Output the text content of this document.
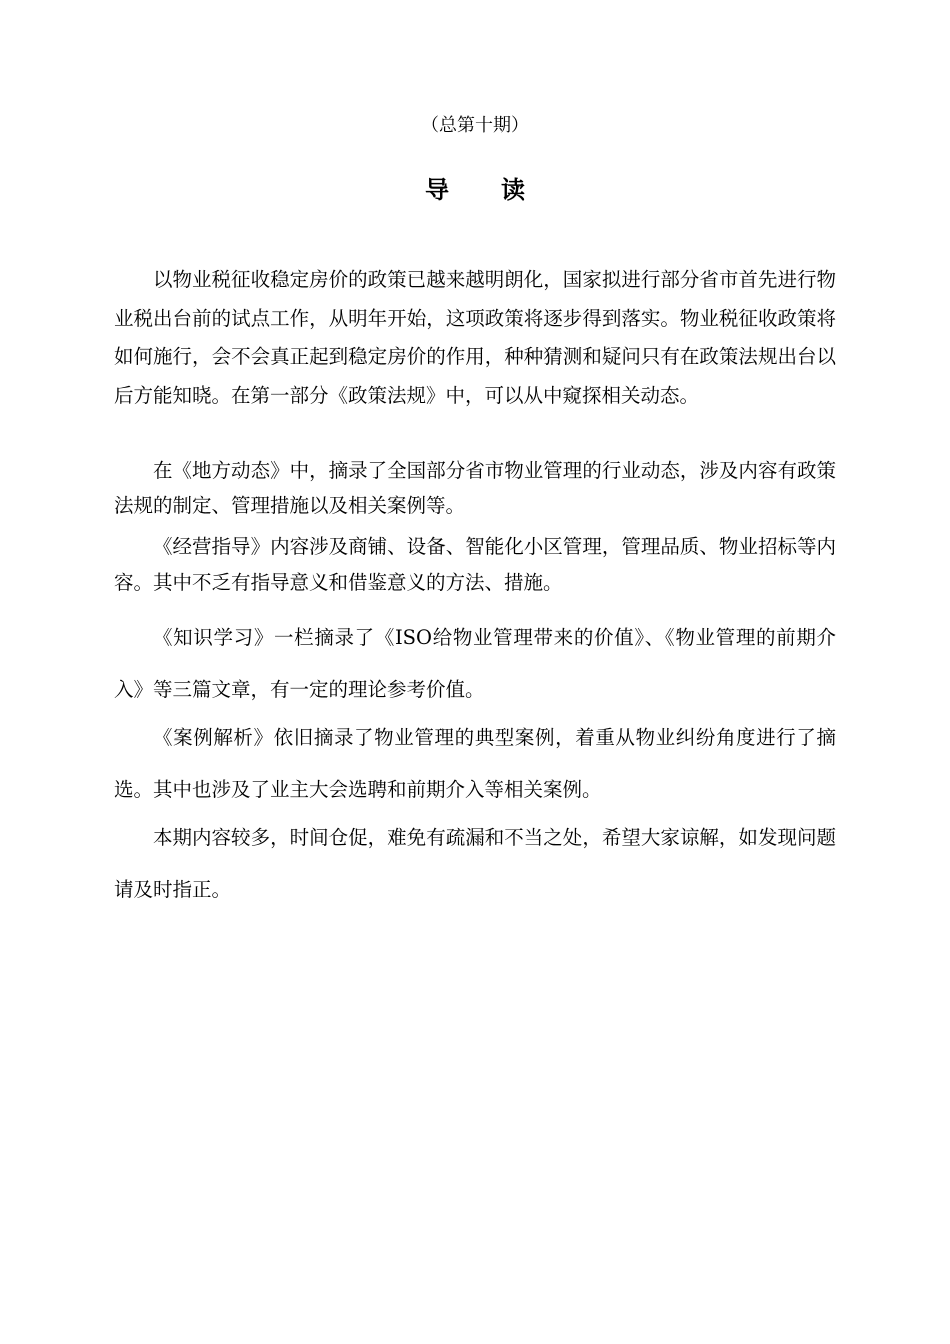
（总第十期）
导 读

以物业税征收稳定房价的政策已越来越明朗化，国家拟进行部分省市首先进行物业税出台前的试点工作，从明年开始，这项政策将逐步得到落实。物业税征收政策将如何施行，会不会真正起到稳定房价的作用，种种猜测和疑问只有在政策法规出台以后方能知晓。在第一部分《政策法规》中，可以从中窥探相关动态。

在《地方动态》中，摘录了全国部分省市物业管理的行业动态，涉及内容有政策法规的制定、管理措施以及相关案例等。

《经营指导》内容涉及商铺、设备、智能化小区管理，管理品质、物业招标等内容。其中不乏有指导意义和借鉴意义的方法、措施。

《知识学习》一栏摘录了《ISO给物业管理带来的价值》、《物业管理的前期介入》等三篇文章，有一定的理论参考价值。

《案例解析》依旧摘录了物业管理的典型案例，着重从物业纠纷角度进行了摘选。其中也涉及了业主大会选聘和前期介入等相关案例。

本期内容较多，时间仓促，难免有疏漏和不当之处，希望大家谅解，如发现问题请及时指正。
